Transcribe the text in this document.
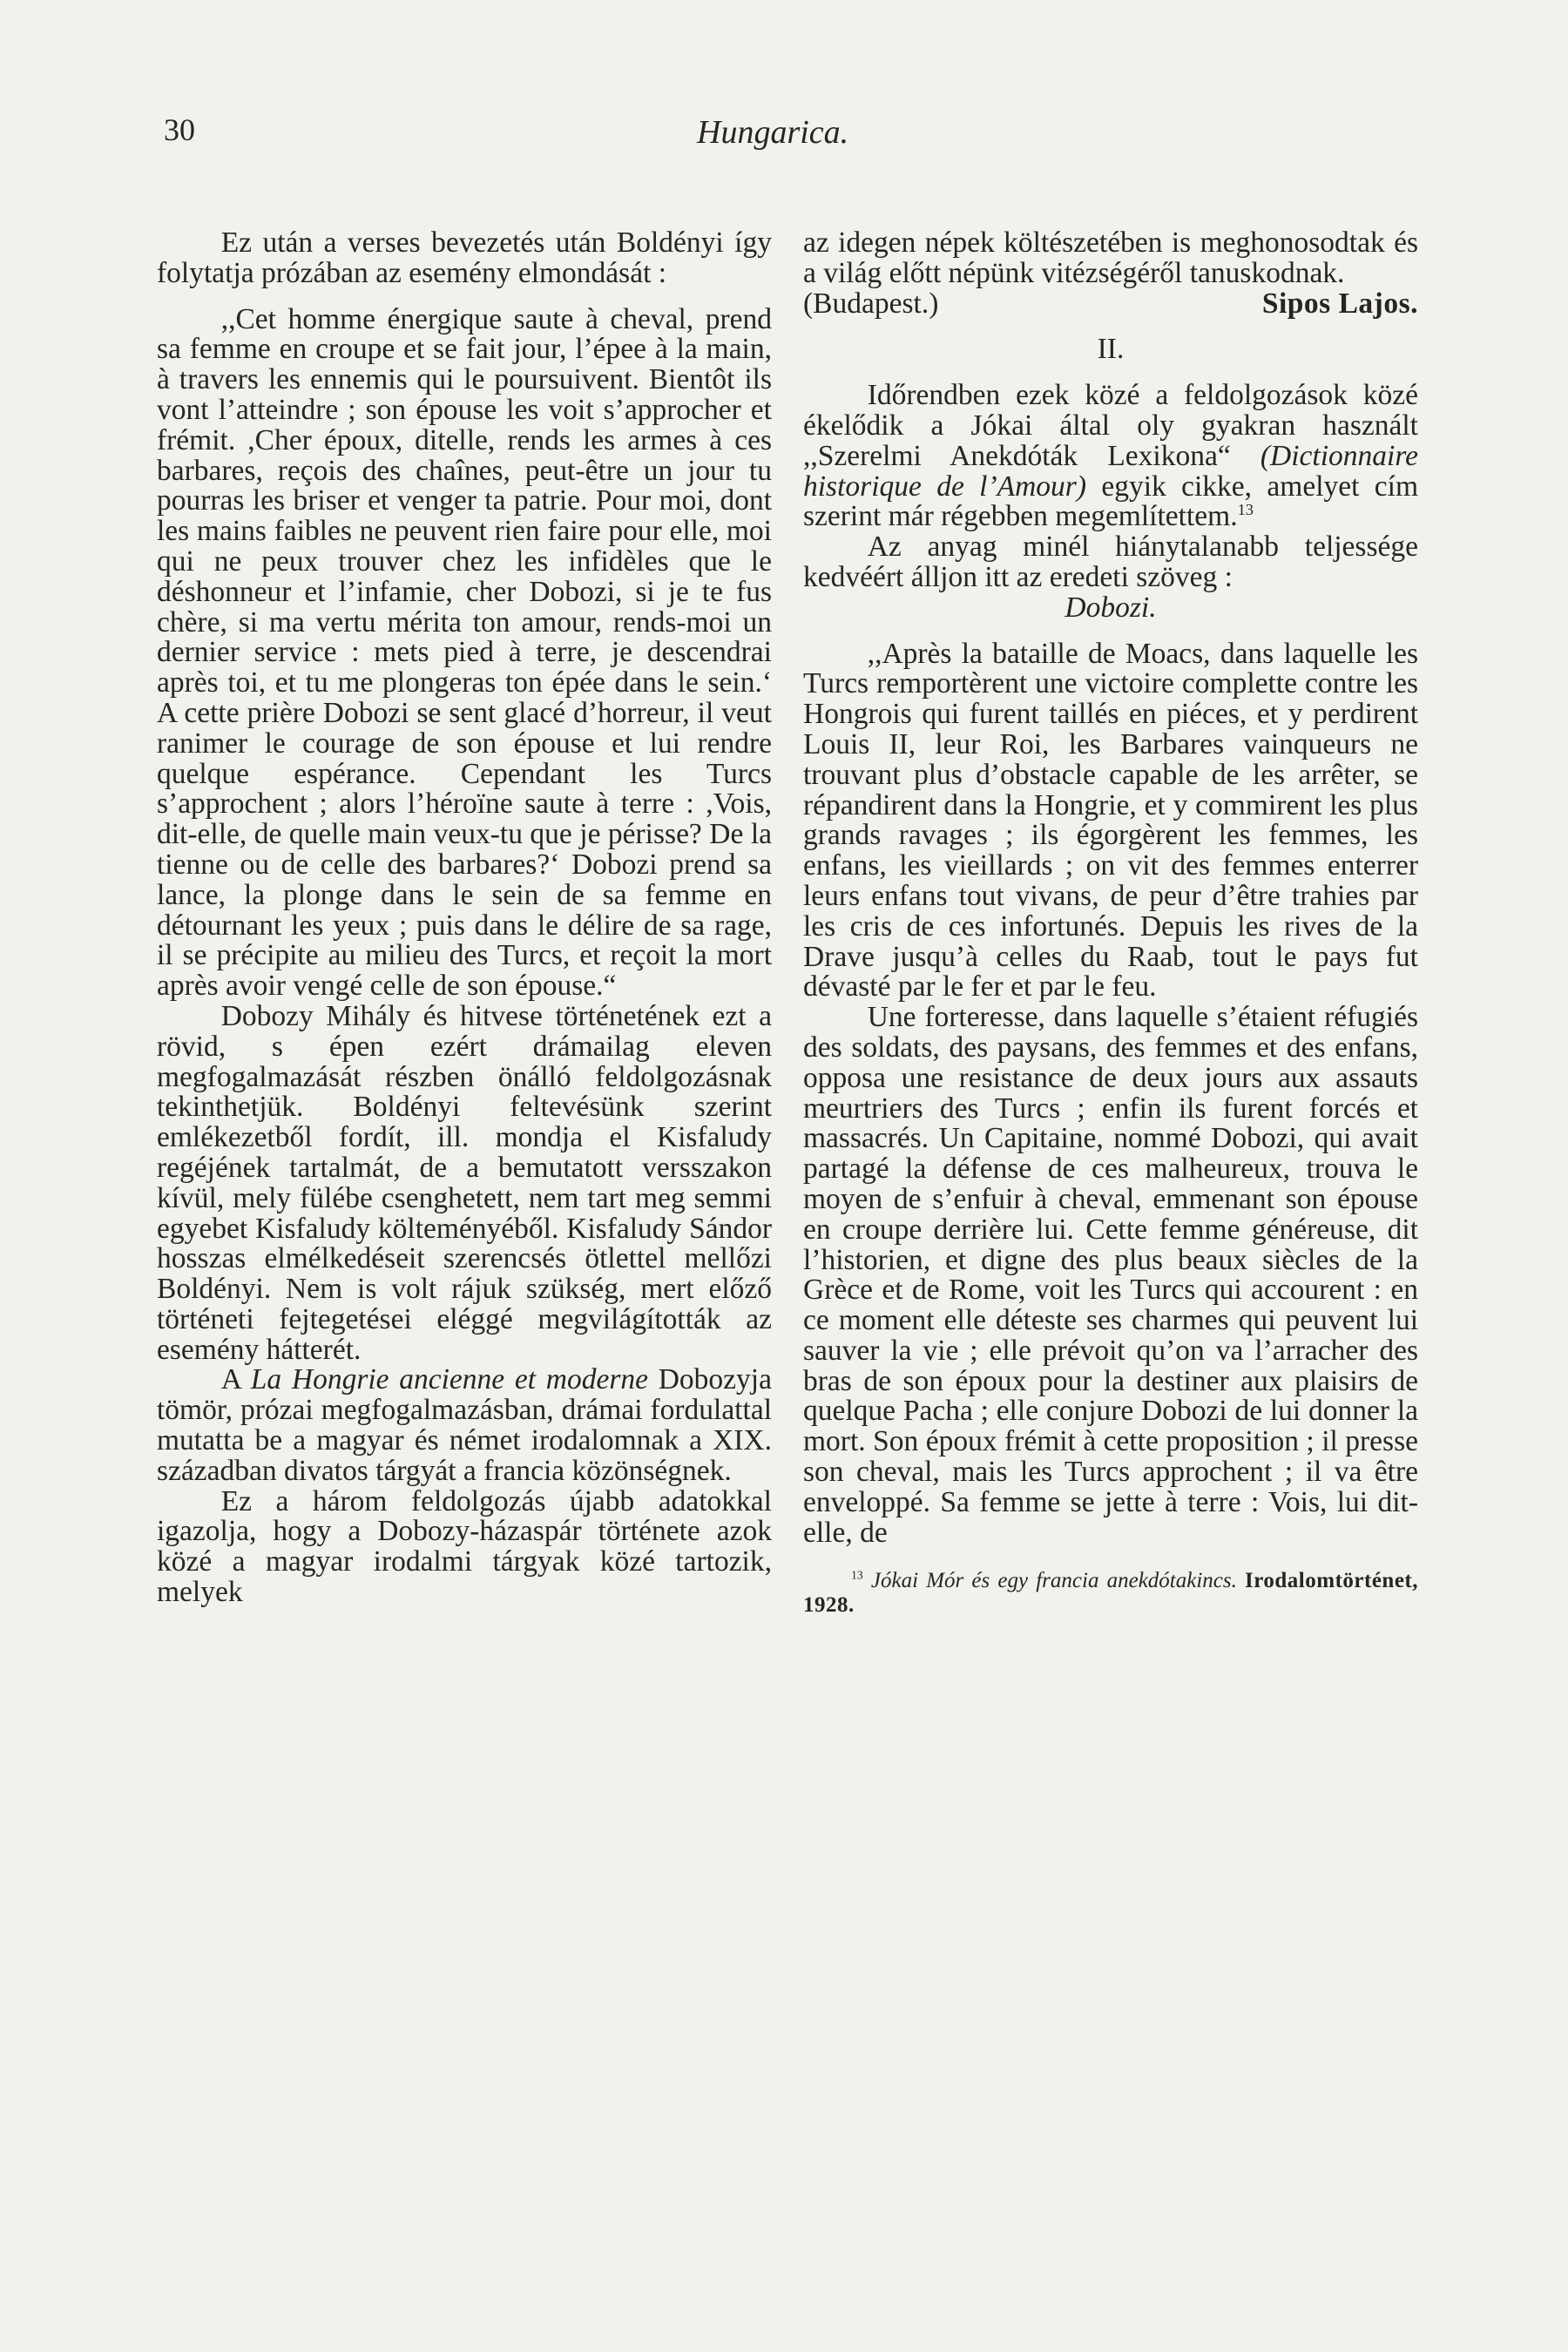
30	Hungarica.

Ez után a verses bevezetés után Boldényi így folytatja prózában az esemény elmondását :

,,Cet homme énergique saute à cheval, prend sa femme en croupe et se fait jour, l’épee à la main, à travers les ennemis qui le poursuivent. Bientôt ils vont l’atteindre ; son épouse les voit s’approcher et frémit. ,Cher époux, ditelle, rends les armes à ces barbares, reçois des chaînes, peut-être un jour tu pourras les briser et venger ta patrie. Pour moi, dont les mains faibles ne peuvent rien faire pour elle, moi qui ne peux trouver chez les infidèles que le déshonneur et l’infamie, cher Dobozi, si je te fus chère, si ma vertu mérita ton amour, rends-moi un dernier service : mets pied à terre, je descendrai après toi, et tu me plongeras ton épée dans le sein.‘ A cette prière Dobozi se sent glacé d’horreur, il veut ranimer le courage de son épouse et lui rendre quelque espérance. Cependant les Turcs s’approchent ; alors l’héroïne saute à terre : ,Vois, dit-elle, de quelle main veux-tu que je périsse? De la tienne ou de celle des barbares?‘ Dobozi prend sa lance, la plonge dans le sein de sa femme en détournant les yeux ; puis dans le délire de sa rage, il se précipite au milieu des Turcs, et reçoit la mort après avoir vengé celle de son épouse.“

Dobozy Mihály és hitvese történetének ezt a rövid, s épen ezért drámailag eleven megfogalmazását részben önálló feldolgozásnak tekinthetjük. Boldényi feltevésünk szerint emlékezetből fordít, ill. mondja el Kisfaludy regéjének tartalmát, de a bemutatott versszakon kívül, mely fülébe csenghetett, nem tart meg semmi egyebet Kisfaludy költeményéből. Kisfaludy Sándor hosszas elmélkedéseit szerencsés ötlettel mellőzi Boldényi. Nem is volt rájuk szükség, mert előző történeti fejtegetései eléggé megvilágították az esemény hátterét.

A La Hongrie ancienne et moderne Dobozyja tömör, prózai megfogalmazásban, drámai fordulattal mutatta be a magyar és német irodalomnak a XIX. században divatos tárgyát a francia közönségnek.

Ez a három feldolgozás újabb adatokkal igazolja, hogy a Dobozy-házaspár története azok közé a magyar irodalmi tárgyak közé tartozik, melyek

az idegen népek költészetében is meghonosodtak és a világ előtt népünk vitézségéről tanuskodnak.

(Budapest.)	Sipos Lajos.

II.

Időrendben ezek közé a feldolgozások közé ékelődik a Jókai által oly gyakran használt ,,Szerelmi Anekdóták Lexikona“ (Dictionnaire historique de l’Amour) egyik cikke, amelyet cím szerint már régebben megemlítettem.$^{13}$

Az anyag minél hiánytalanabb teljessége kedvéért álljon itt az eredeti szöveg :

Dobozi.

,,Après la bataille de Moacs, dans laquelle les Turcs remportèrent une victoire complette contre les Hongrois qui furent taillés en piéces, et y perdirent Louis II, leur Roi, les Barbares vainqueurs ne trouvant plus d’obstacle capable de les arrêter, se répandirent dans la Hongrie, et y commirent les plus grands ravages ; ils égorgèrent les femmes, les enfans, les vieillards ; on vit des femmes enterrer leurs enfans tout vivans, de peur d’être trahies par les cris de ces infortunés. Depuis les rives de la Drave jusqu’à celles du Raab, tout le pays fut dévasté par le fer et par le feu.

Une forteresse, dans laquelle s’étaient réfugiés des soldats, des paysans, des femmes et des enfans, opposa une resistance de deux jours aux assauts meurtriers des Turcs ; enfin ils furent forcés et massacrés. Un Capitaine, nommé Dobozi, qui avait partagé la défense de ces malheureux, trouva le moyen de s’enfuir à cheval, emmenant son épouse en croupe derrière lui. Cette femme généreuse, dit l’historien, et digne des plus beaux siècles de la Grèce et de Rome, voit les Turcs qui accourent : en ce moment elle déteste ses charmes qui peuvent lui sauver la vie ; elle prévoit qu’on va l’arracher des bras de son époux pour la destiner aux plaisirs de quelque Pacha ; elle conjure Dobozi de lui donner la mort. Son époux frémit à cette proposition ; il presse son cheval, mais les Turcs approchent ; il va être enveloppé. Sa femme se jette à terre : Vois, lui dit-elle, de

$^{13}$ Jókai Mór és egy francia anekdótakincs. Irodalomtörténet, 1928.
